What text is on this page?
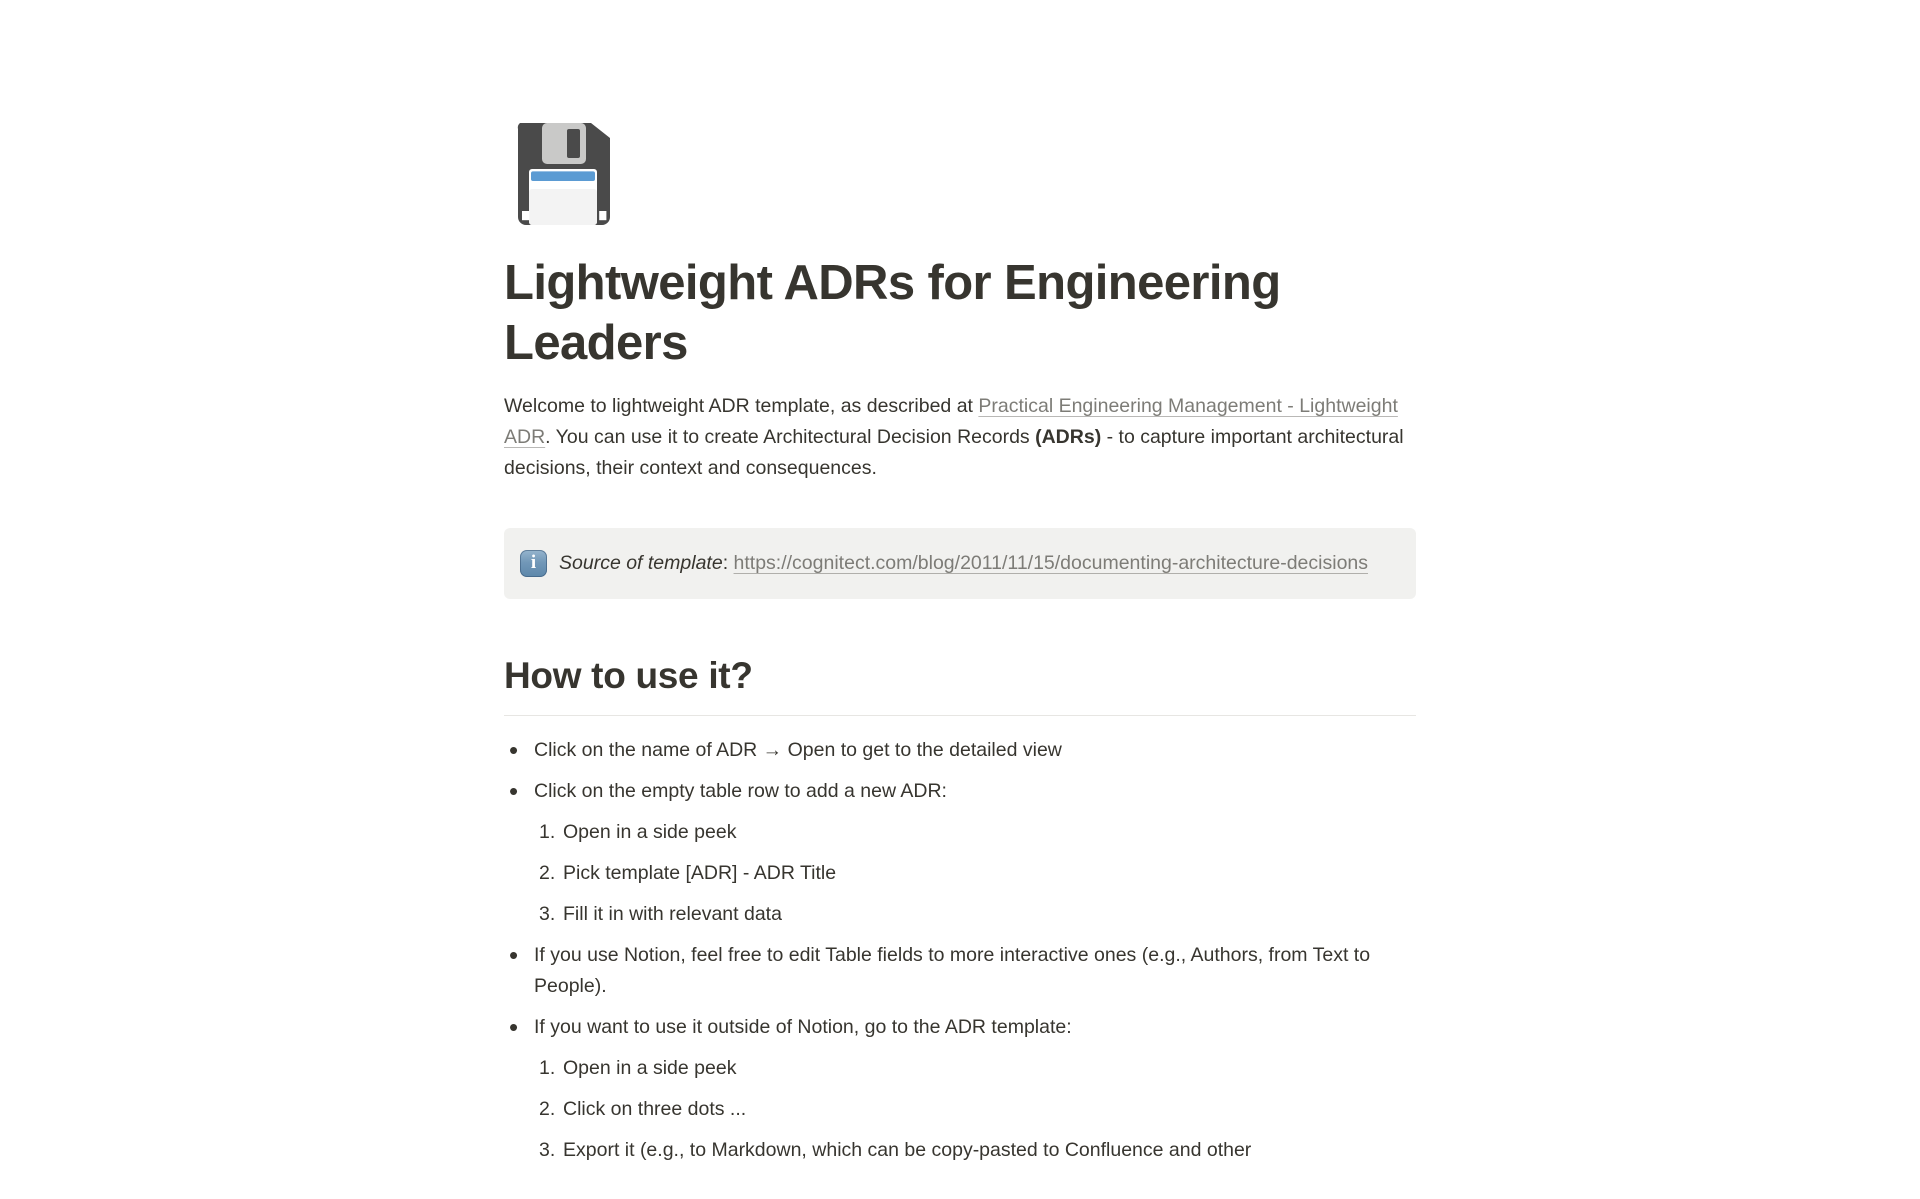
Lightweight ADRs for Engineering Leaders

Welcome to lightweight ADR template, as described at Practical Engineering Management - Lightweight ADR. You can use it to create Architectural Decision Records (ADRs) - to capture important architectural decisions, their context and consequences.

i	Source of template: https://cognitect.com/blog/2011/11/15/documenting-architecture-decisions
How to use it?
• Click on the name of ADR → Open to get to the detailed view
• Click on the empty table row to add a new ADR:
1. Open in a side peek
2. Pick template [ADR] - ADR Title
3. Fill it in with relevant data
• If you use Notion, feel free to edit Table fields to more interactive ones (e.g., Authors, from Text to People).
• If you want to use it outside of Notion, go to the ADR template:
1. Open in a side peek
2. Click on three dots ...
3. Export it (e.g., to Markdown, which can be copy-pasted to Confluence and other
